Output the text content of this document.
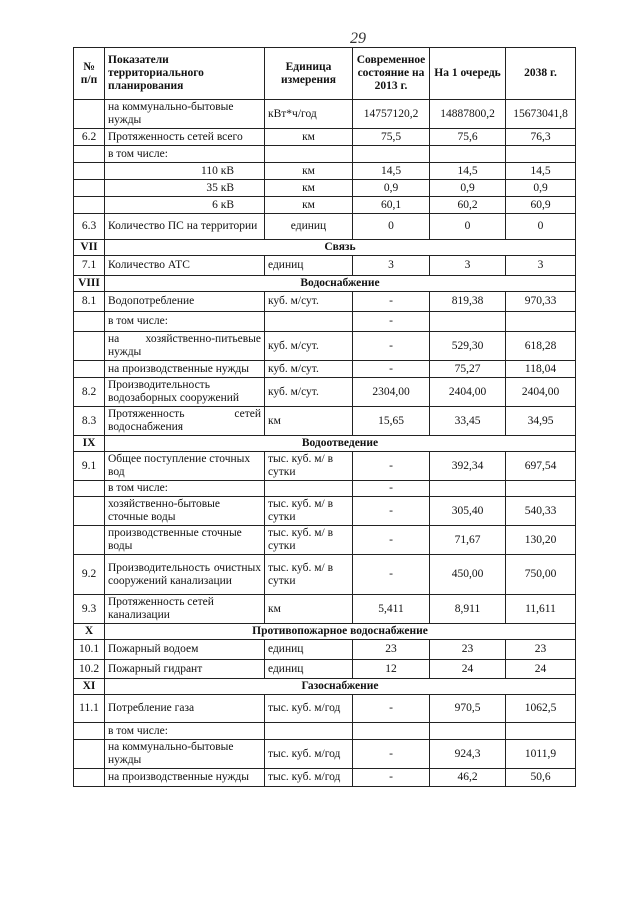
29
№ п/п	Показатели территориального планирования	Единица измерения	Современное состояние на 2013 г.	На 1 очередь	2038 г.
	на коммунально-бытовые нужды	кВт*ч/год	14757120,2	14887800,2	15673041,8
6.2	Протяженность сетей всего	км	75,5	75,6	76,3
	в том числе:				
	110 кВ	км	14,5	14,5	14,5
	35 кВ	км	0,9	0,9	0,9
	6 кВ	км	60,1	60,2	60,9
6.3	Количество ПС на территории	единиц	0	0	0
VII	Связь				
7.1	Количество АТС	единиц	3	3	3
VIII	Водоснабжение				
8.1	Водопотребление	куб. м/сут.	-	819,38	970,33
	в том числе:		-		
	на хозяйственно-питьевые нужды	куб. м/сут.	-	529,30	618,28
	на производственные нужды	куб. м/сут.	-	75,27	118,04
8.2	Производительность водозаборных сооружений	куб. м/сут.	2304,00	2404,00	2404,00
8.3	Протяженность сетей водоснабжения	км	15,65	33,45	34,95
IX	Водоотведение				
9.1	Общее поступление сточных вод	тыс. куб. м/ в сутки	-	392,34	697,54
	в том числе:		-		
	хозяйственно-бытовые сточные воды	тыс. куб. м/ в сутки	-	305,40	540,33
	производственные сточные воды	тыс. куб. м/ в сутки	-	71,67	130,20
9.2	Производительность очистных сооружений канализации	тыс. куб. м/ в сутки	-	450,00	750,00
9.3	Протяженность сетей канализации	км	5,411	8,911	11,611
X	Противопожарное водоснабжение				
10.1	Пожарный водоем	единиц	23	23	23
10.2	Пожарный гидрант	единиц	12	24	24
XI	Газоснабжение				
11.1	Потребление газа	тыс. куб. м/год	-	970,5	1062,5
	в том числе:				
	на коммунально-бытовые нужды	тыс. куб. м/год	-	924,3	1011,9
	на производственные нужды	тыс. куб. м/год	-	46,2	50,6
